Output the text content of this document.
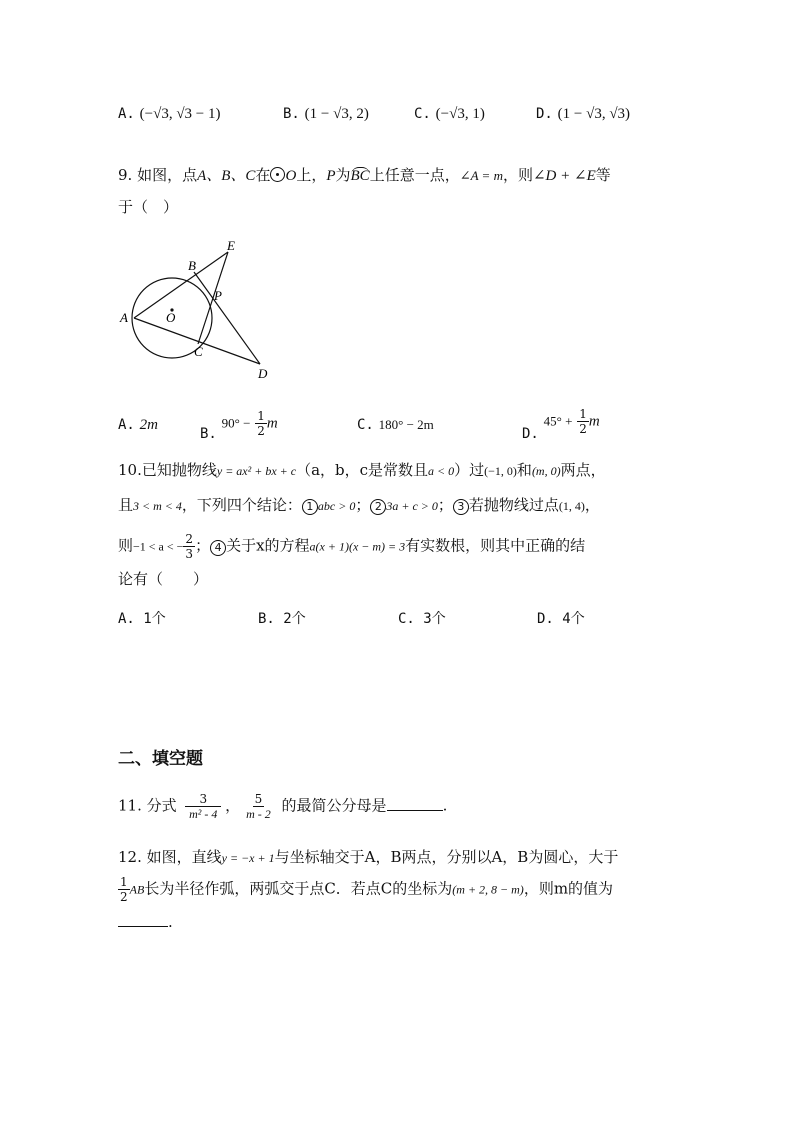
A. (−√3, √3 − 1)	B. (1 − √3, 2)	C. (−√3, 1)	D. (1 − √3, √3)
9. 如图，点A、B、C在 O上，P为BC上任意一点，∠A = m，则∠D + ∠E等
于（　）
A
B
C
D
E
P
O
A. 2m
B. $90^\circ - \frac{1}{2}$ m	C. 180° − 2m
D. $45^\circ + \frac{1}{2}$ m
10.已知抛物线y = ax² + bx + c（a，b，c是常数且a < 0）过(−1, 0)和(m, 0)两点，
且3 < m < 4，下列四个结论： 1 abc > 0； 2 3a + c > 0； 3 若抛物线过点(1, 4)，
则−1 < a < − $\frac{2}{3}$ ； 4 关于x的方程a(x + 1)(x − m) = 3有实数根，则其中正确的结
论有（　　）
A. 1个	B. 2个	C. 3个	D. 4个
二、填空题
11. 分式 $\frac{3}{\text{m² - 4}}$ ， $\frac{5}{m - 2}$ 的最简公分母是	.
12. 如图，直线y = −x + 1与坐标轴交于A，B两点，分别以A，B为圆心，大于
$\frac{1}{2}$ AB长为半径作弧，两弧交于点C．若点C的坐标为(m + 2, 8 − m)，则m的值为
.
